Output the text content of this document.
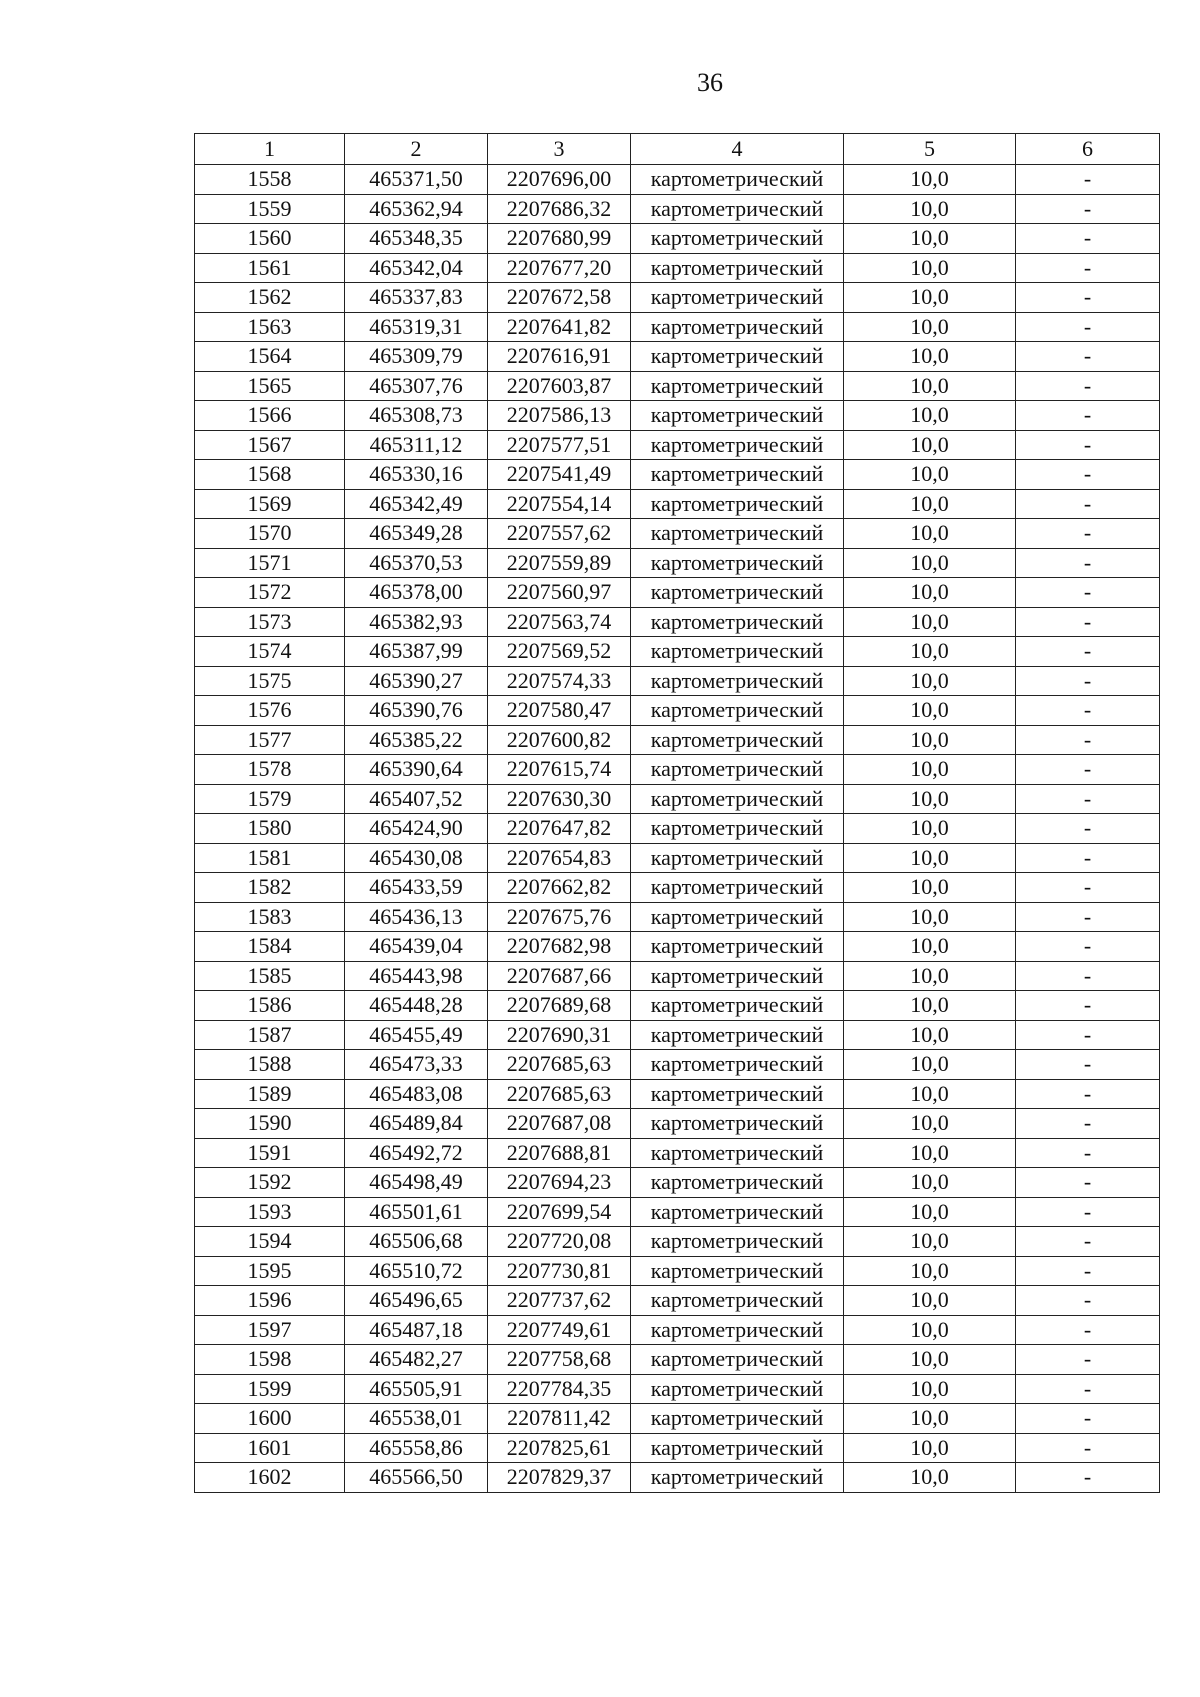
36
1	2	3	4	5	6
1558	465371,50	2207696,00	картометрический	10,0	-
1559	465362,94	2207686,32	картометрический	10,0	-
1560	465348,35	2207680,99	картометрический	10,0	-
1561	465342,04	2207677,20	картометрический	10,0	-
1562	465337,83	2207672,58	картометрический	10,0	-
1563	465319,31	2207641,82	картометрический	10,0	-
1564	465309,79	2207616,91	картометрический	10,0	-
1565	465307,76	2207603,87	картометрический	10,0	-
1566	465308,73	2207586,13	картометрический	10,0	-
1567	465311,12	2207577,51	картометрический	10,0	-
1568	465330,16	2207541,49	картометрический	10,0	-
1569	465342,49	2207554,14	картометрический	10,0	-
1570	465349,28	2207557,62	картометрический	10,0	-
1571	465370,53	2207559,89	картометрический	10,0	-
1572	465378,00	2207560,97	картометрический	10,0	-
1573	465382,93	2207563,74	картометрический	10,0	-
1574	465387,99	2207569,52	картометрический	10,0	-
1575	465390,27	2207574,33	картометрический	10,0	-
1576	465390,76	2207580,47	картометрический	10,0	-
1577	465385,22	2207600,82	картометрический	10,0	-
1578	465390,64	2207615,74	картометрический	10,0	-
1579	465407,52	2207630,30	картометрический	10,0	-
1580	465424,90	2207647,82	картометрический	10,0	-
1581	465430,08	2207654,83	картометрический	10,0	-
1582	465433,59	2207662,82	картометрический	10,0	-
1583	465436,13	2207675,76	картометрический	10,0	-
1584	465439,04	2207682,98	картометрический	10,0	-
1585	465443,98	2207687,66	картометрический	10,0	-
1586	465448,28	2207689,68	картометрический	10,0	-
1587	465455,49	2207690,31	картометрический	10,0	-
1588	465473,33	2207685,63	картометрический	10,0	-
1589	465483,08	2207685,63	картометрический	10,0	-
1590	465489,84	2207687,08	картометрический	10,0	-
1591	465492,72	2207688,81	картометрический	10,0	-
1592	465498,49	2207694,23	картометрический	10,0	-
1593	465501,61	2207699,54	картометрический	10,0	-
1594	465506,68	2207720,08	картометрический	10,0	-
1595	465510,72	2207730,81	картометрический	10,0	-
1596	465496,65	2207737,62	картометрический	10,0	-
1597	465487,18	2207749,61	картометрический	10,0	-
1598	465482,27	2207758,68	картометрический	10,0	-
1599	465505,91	2207784,35	картометрический	10,0	-
1600	465538,01	2207811,42	картометрический	10,0	-
1601	465558,86	2207825,61	картометрический	10,0	-
1602	465566,50	2207829,37	картометрический	10,0	-
